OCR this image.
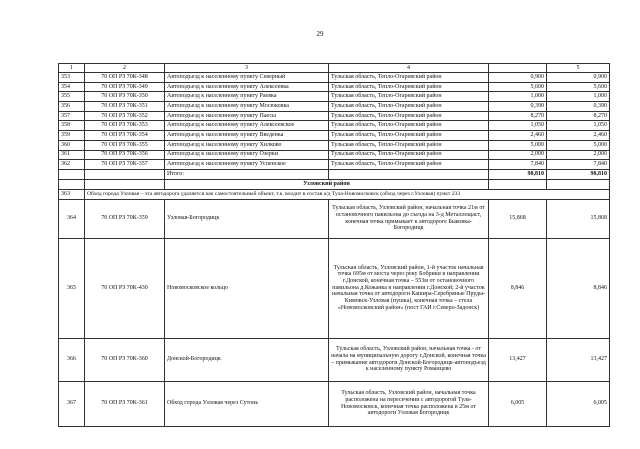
29
1	2	3	4		5
353	70 ОП РЗ 70К-348	Автоподъезд к населенному пункту Северный	Тульская область, Тепло-Огаревский район	0,900	0,900
354	70 ОП РЗ 70К-349	Автоподъезд к населенному пункту Алексеевка	Тульская область, Тепло-Огаревский район	5,600	5,600
355	70 ОП РЗ 70К-350	Автоподъезд к населенному пункту Раевка	Тульская область, Тепло-Огаревский район	1,000	1,000
356	70 ОП РЗ 70К-351	Автоподъезд к населенному пункту Мосюковка	Тульская область, Тепло-Огаревский район	0,390	0,390
357	70 ОП РЗ 70К-352	Автоподъезд к населенному пункту Паесы	Тульская область, Тепло-Огаревский район	8,270	8,270
358	70 ОП РЗ 70К-353	Автоподъезд к населенному пункту Алексеевское	Тульская область, Тепло-Огаревский район	1,050	1,050
359	70 ОП РЗ 70К-354	Автоподъезд к населенному пункту Введенка	Тульская область, Тепло-Огаревский район	2,460	2,460
360	70 ОП РЗ 70К-355	Автоподъезд к населенному пункту Хилково	Тульская область, Тепло-Огаревский район	5,000	5,000
361	70 ОП РЗ 70К-356	Автоподъезд к населенному пункту Озерки	Тульская область, Тепло-Огаревский район	2,000	2,000
362	70 ОП РЗ 70К-357	Автоподъезд к населенному пункту Успенское	Тульская область, Тепло-Огаревский район	7,840	7,840
		Итого:		98,810	98,810
		Узловский район			
363	Обход города Узловая – эта автодорога удаляется как самостоятельный объект, т.к. входит в состав а/д Тула-Новомосковск (обход через г.Узловая) пункт 233				
364	70 ОП РЗ 70К-359	Узловая-Богородицк	Тульская область, Узловский район, начальная точка 21м от остановочного павильона до съезда на 3-д Металлощаст, конечная точка примыкает к автодороге Быковка-Богородицк	15,868	15,868
365	70 ОП РЗ 70К-430	Новомосковское кольцо	Тульская область, Узловский район, 1-й участок начальная точка 695м от моста через реку Бобрики в направлении г.Донской, конечная точка – 553м от остановочного павильона д.Кожанка в направлении г.Донской; 2-й участок начальная точка от автодороги Кашира-Серебряные Пруды-Кимовск-Узловая (пушка), конечная точка – стела «Новомосковский район» (пост ГАИ г.Северо-Задонск)	8,846	8,846
366	70 ОП РЗ 70К-360	Донской-Богородицк	Тульская область, Узловский район, начальная точка - от начала на муниципальную дорогу г.Донской, конечная точка – примыкание автодороги Донской-Богородицк-автоподъезд к населенному пункту Романцево	13,427	13,427
367	70 ОП РЗ 70К-361	Обход города Узловая через Сутонь	Тульская область, Узловский район, начальная точка расположена на пересечении с автодорогой Тула-Новомосковск, конечная точка расположена в 25м от автодороги Узловая Богородицк	6,005	6,005
